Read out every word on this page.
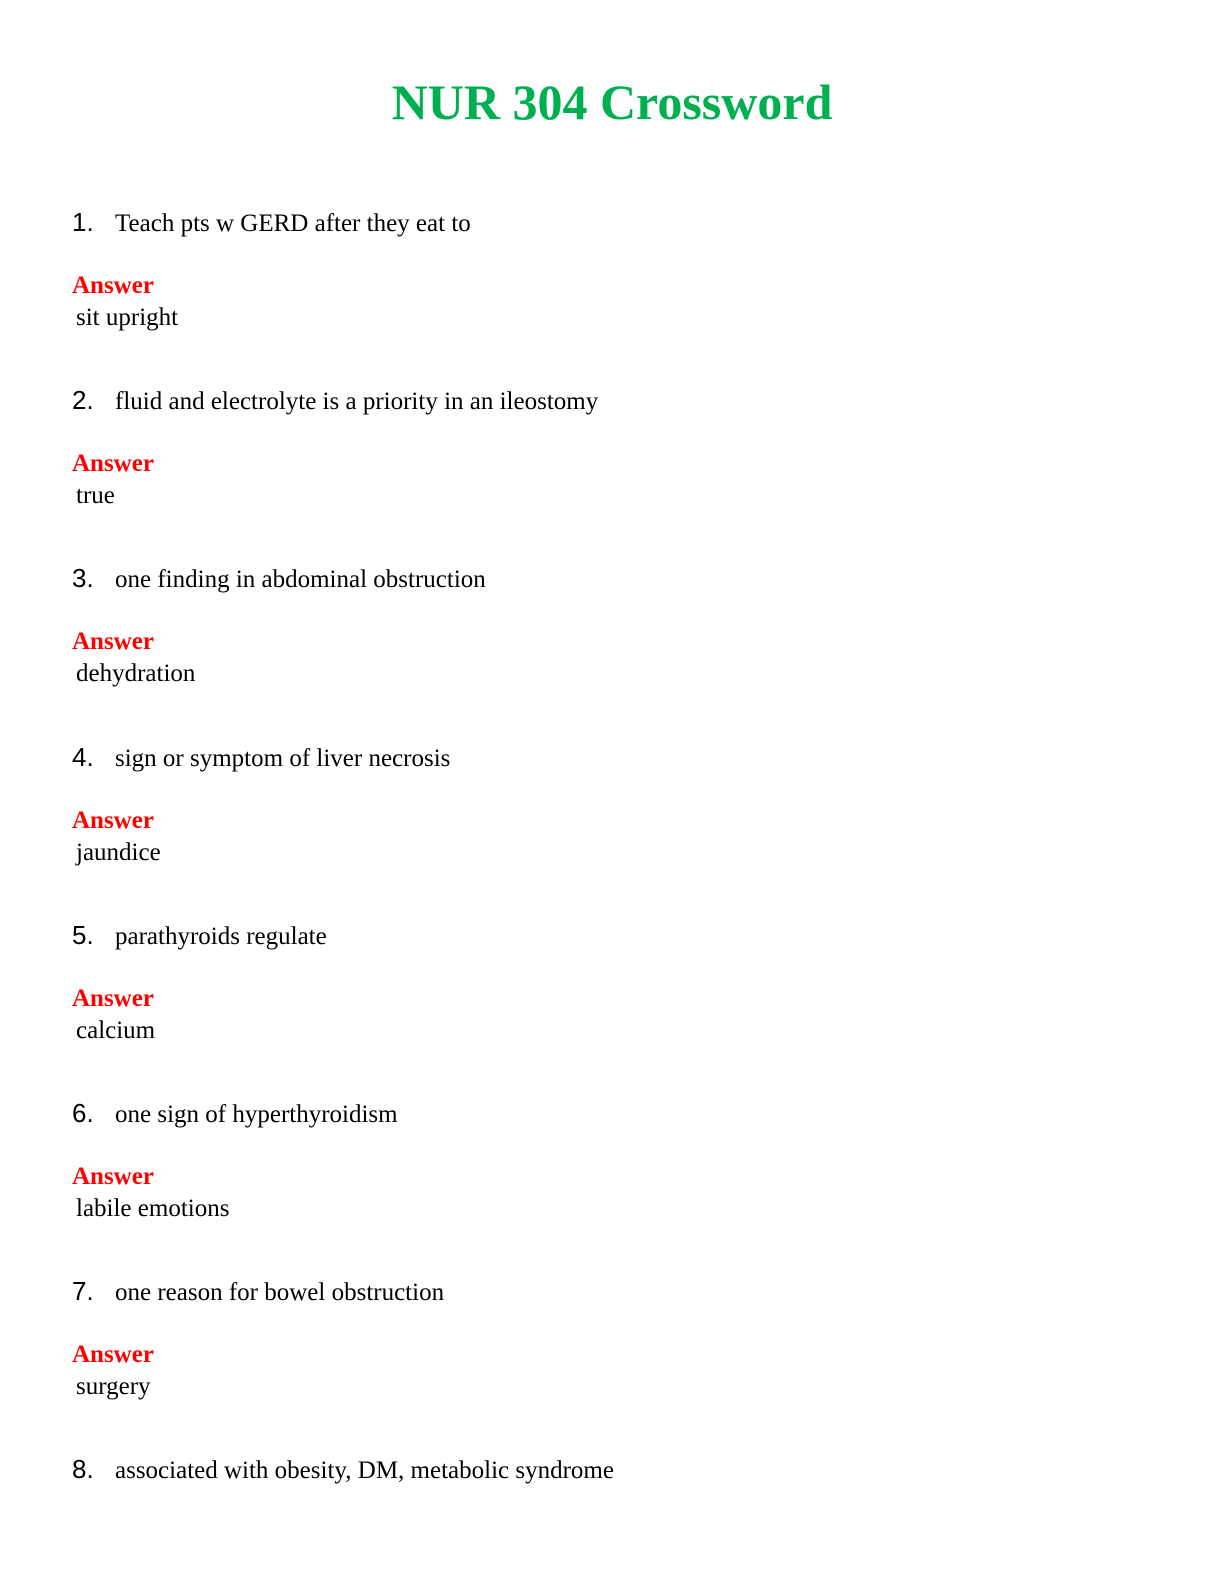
NUR 304 Crossword
1. Teach pts w GERD after they eat to
Answer
sit upright
2. fluid and electrolyte is a priority in an ileostomy
Answer
true
3. one finding in abdominal obstruction
Answer
dehydration
4. sign or symptom of liver necrosis
Answer
jaundice
5. parathyroids regulate
Answer
calcium
6. one sign of hyperthyroidism
Answer
labile emotions
7. one reason for bowel obstruction
Answer
surgery
8. associated with obesity, DM, metabolic syndrome
